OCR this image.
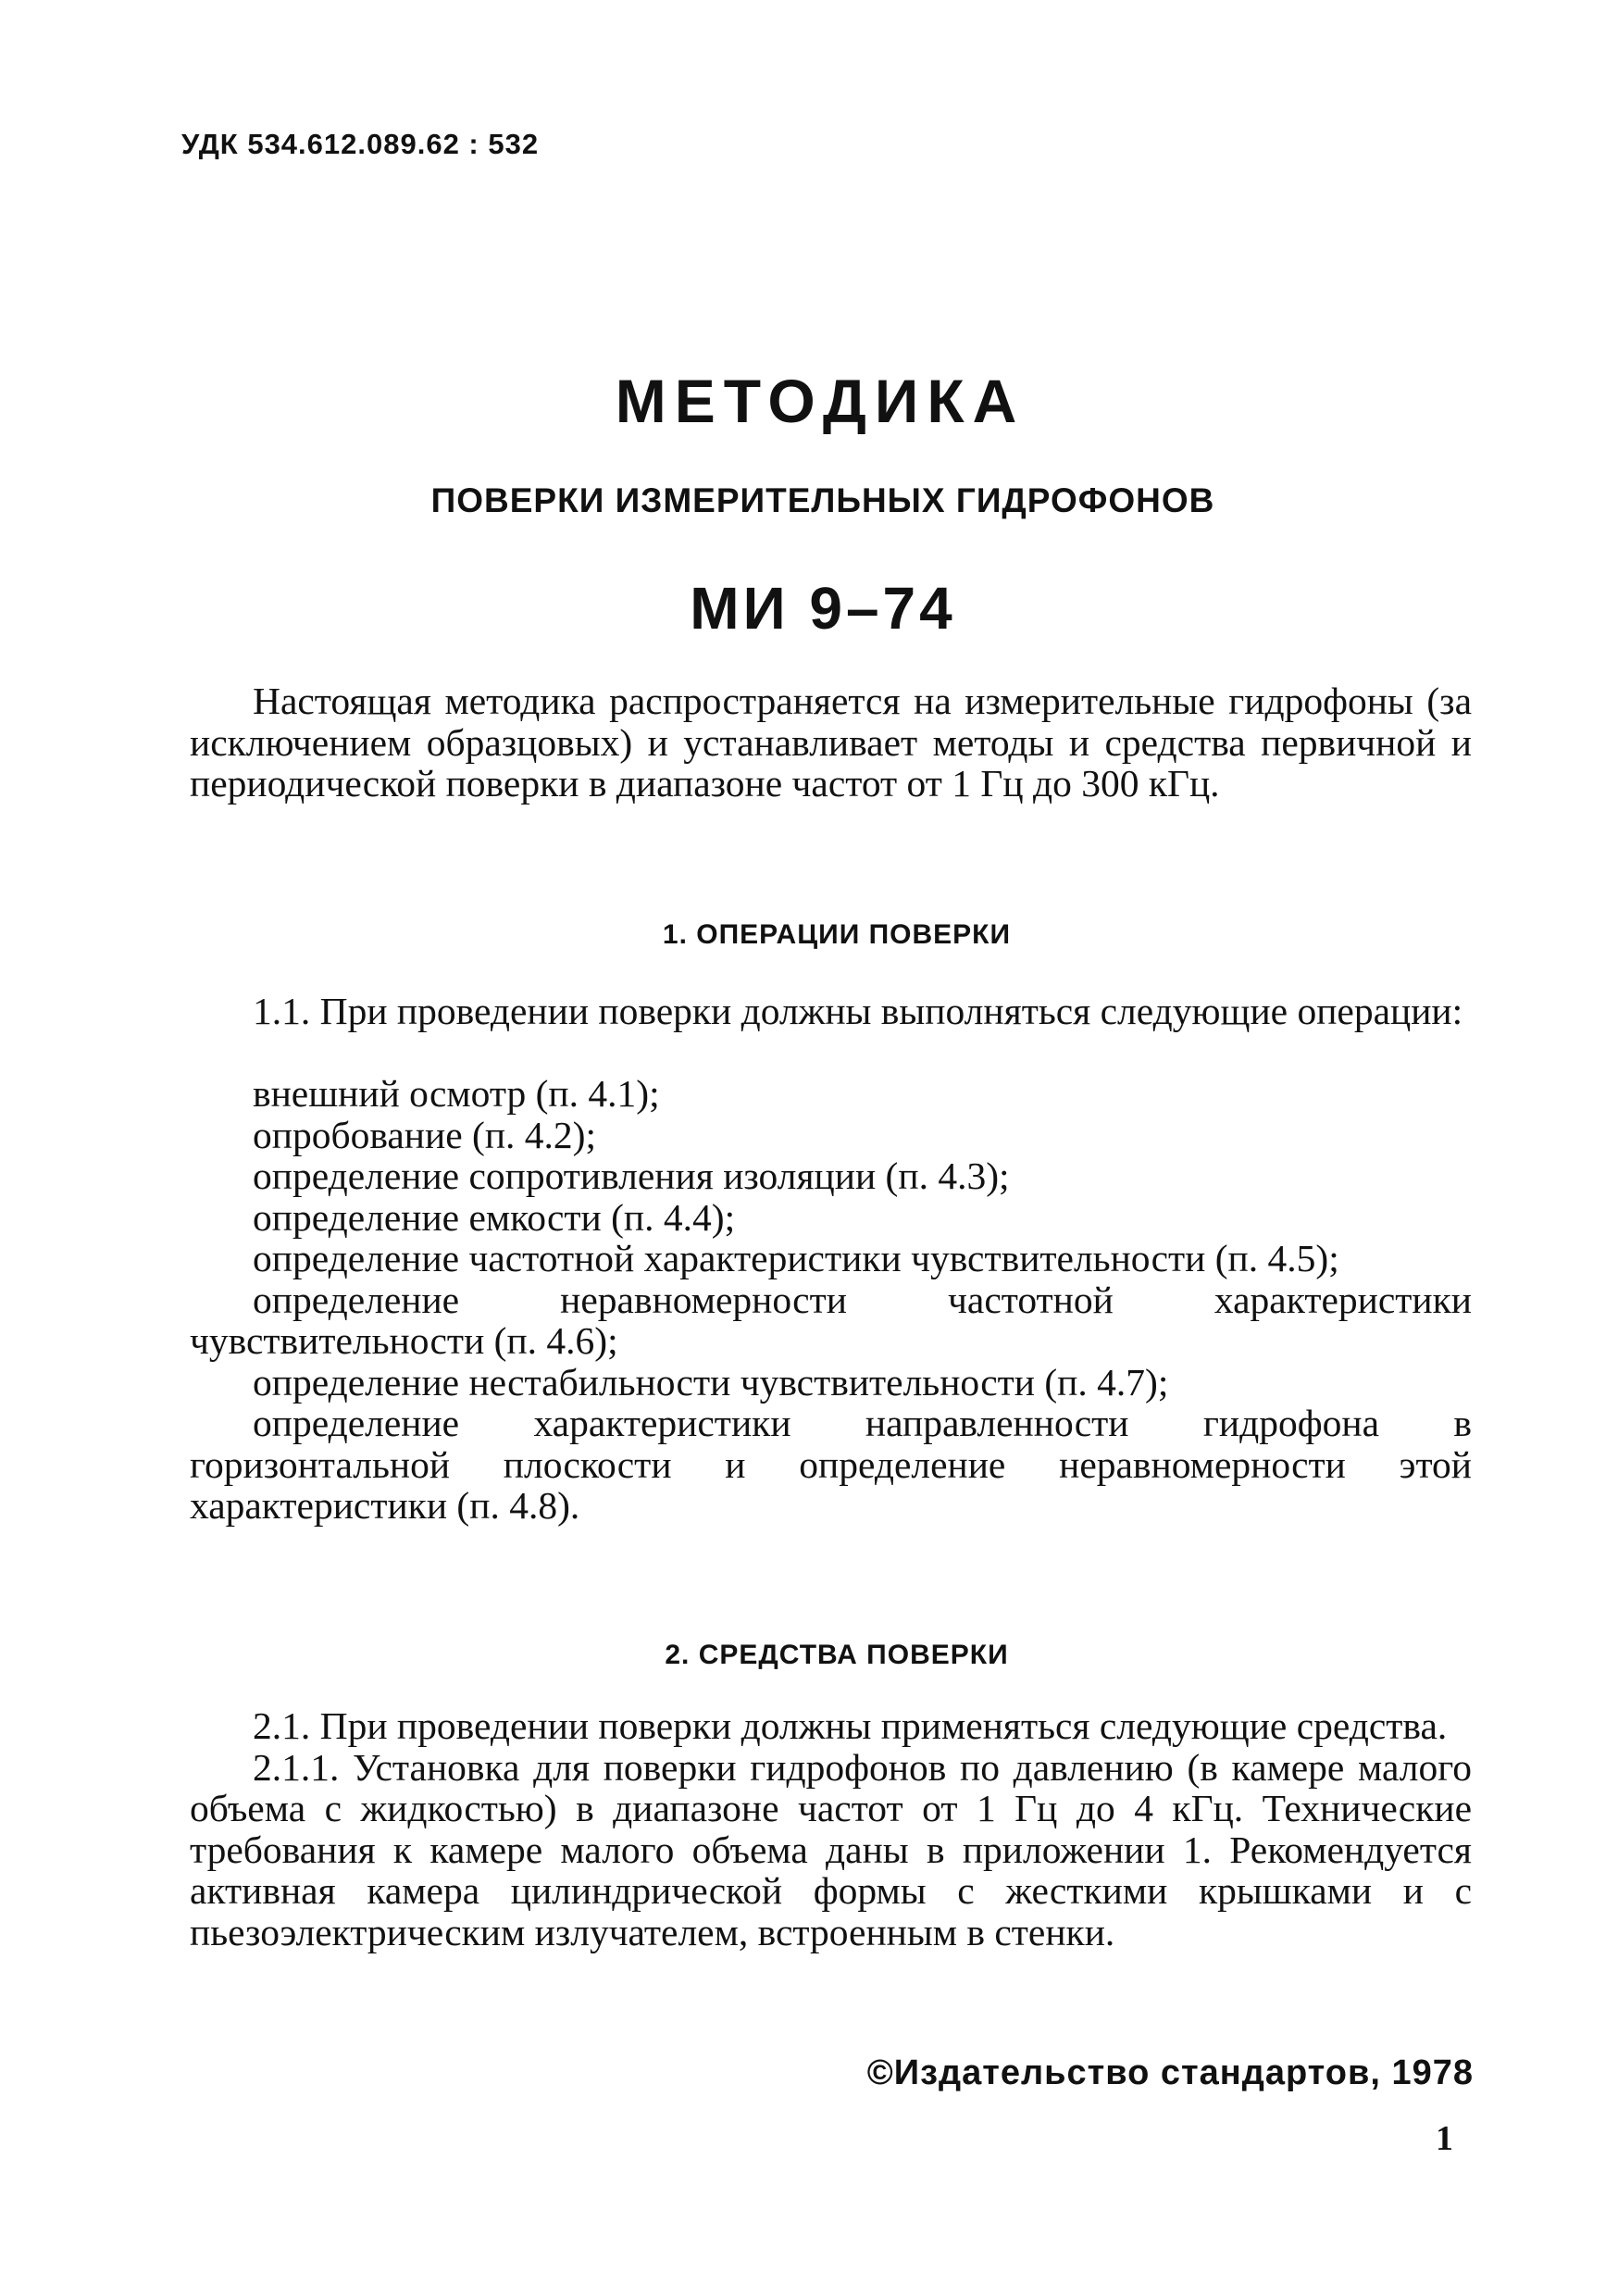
УДК 534.612.089.62 : 532
МЕТОДИКА
ПОВЕРКИ ИЗМЕРИТЕЛЬНЫХ ГИДРОФОНОВ
МИ 9–74

Настоящая методика распространяется на измерительные гидрофоны (за исключением образцовых) и устанавливает методы и средства первичной и периодической поверки в диапазоне частот от 1 Гц до 300 кГц.

1. ОПЕРАЦИИ ПОВЕРКИ

1.1. При проведении поверки должны выполняться следующие операции:

внешний осмотр (п. 4.1);

опробование (п. 4.2);

определение сопротивления изоляции (п. 4.3);

определение емкости (п. 4.4);

определение частотной характеристики чувствительности (п. 4.5);

определение неравномерности частотной характеристики чувствительности (п. 4.6);

определение нестабильности чувствительности (п. 4.7);

определение характеристики направленности гидрофона в горизонтальной плоскости и определение неравномерности этой характеристики (п. 4.8).

2. СРЕДСТВА ПОВЕРКИ

2.1. При проведении поверки должны применяться следующие средства.

2.1.1. Установка для поверки гидрофонов по давлению (в камере малого объема с жидкостью) в диапазоне частот от 1 Гц до 4 кГц. Технические требования к камере малого объема даны в приложении 1. Рекомендуется активная камера цилиндрической формы с жесткими крышками и с пьезоэлектрическим излучателем, встроенным в стенки.

©Издательство стандартов, 1978
1
